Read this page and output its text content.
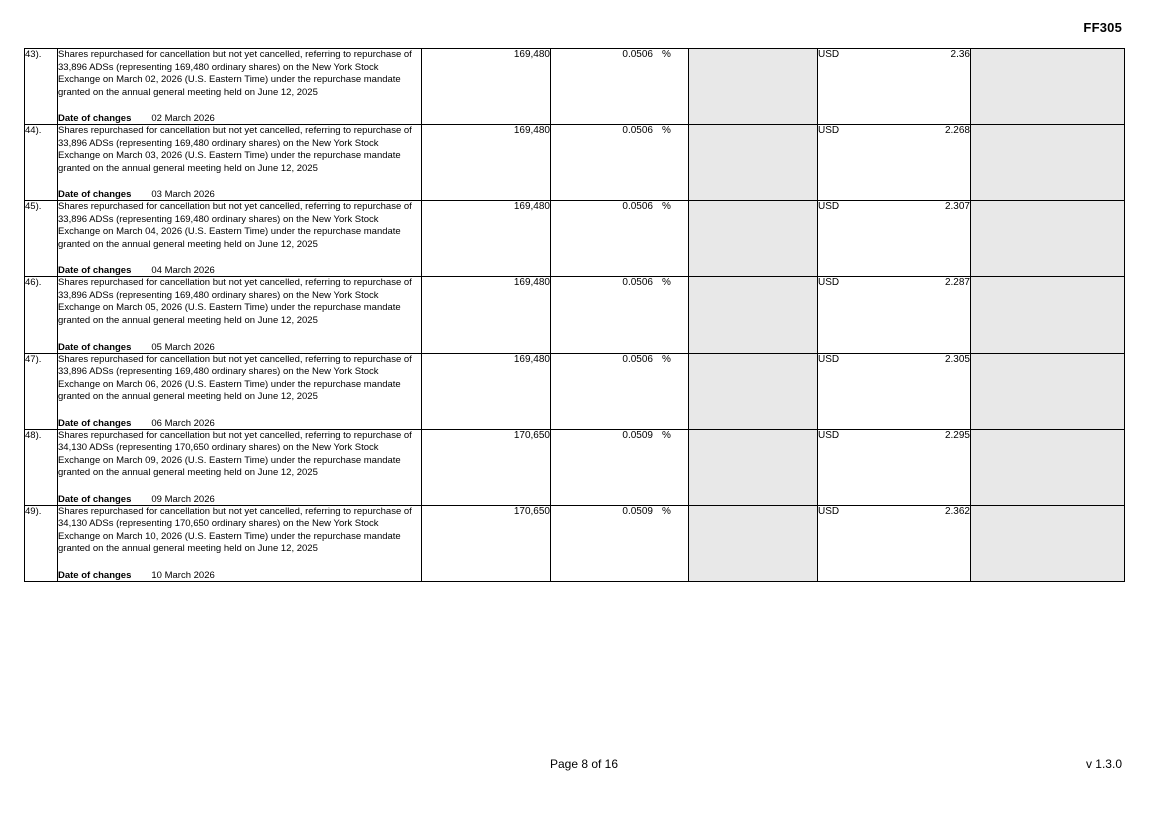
FF305
43).	Shares repurchased for cancellation but not yet cancelled, referring to repurchase of 33,896 ADSs (representing 169,480 ordinary shares) on the New York Stock Exchange on March 02, 2026 (U.S. Eastern Time) under the repurchase mandate granted on the annual general meeting held on June 12, 2025

Date of changes 02 March 2026
	169,480	0.0506 %		USD	2.36

44).	Shares repurchased for cancellation but not yet cancelled, referring to repurchase of 33,896 ADSs (representing 169,480 ordinary shares) on the New York Stock Exchange on March 03, 2026 (U.S. Eastern Time) under the repurchase mandate granted on the annual general meeting held on June 12, 2025

Date of changes 03 March 2026
	169,480	0.0506 %		USD	2.268

45).	Shares repurchased for cancellation but not yet cancelled, referring to repurchase of 33,896 ADSs (representing 169,480 ordinary shares) on the New York Stock Exchange on March 04, 2026 (U.S. Eastern Time) under the repurchase mandate granted on the annual general meeting held on June 12, 2025

Date of changes 04 March 2026
	169,480	0.0506 %		USD	2.307

46).	Shares repurchased for cancellation but not yet cancelled, referring to repurchase of 33,896 ADSs (representing 169,480 ordinary shares) on the New York Stock Exchange on March 05, 2026 (U.S. Eastern Time) under the repurchase mandate granted on the annual general meeting held on June 12, 2025

Date of changes 05 March 2026
	169,480	0.0506 %		USD	2.287

47).	Shares repurchased for cancellation but not yet cancelled, referring to repurchase of 33,896 ADSs (representing 169,480 ordinary shares) on the New York Stock Exchange on March 06, 2026 (U.S. Eastern Time) under the repurchase mandate granted on the annual general meeting held on June 12, 2025

Date of changes 06 March 2026
	169,480	0.0506 %		USD	2.305

48).	Shares repurchased for cancellation but not yet cancelled, referring to repurchase of 34,130 ADSs (representing 170,650 ordinary shares) on the New York Stock Exchange on March 09, 2026 (U.S. Eastern Time) under the repurchase mandate granted on the annual general meeting held on June 12, 2025

Date of changes 09 March 2026
	170,650	0.0509 %		USD	2.295

49).	Shares repurchased for cancellation but not yet cancelled, referring to repurchase of 34,130 ADSs (representing 170,650 ordinary shares) on the New York Stock Exchange on March 10, 2026 (U.S. Eastern Time) under the repurchase mandate granted on the annual general meeting held on June 12, 2025

Date of changes 10 March 2026
	170,650	0.0509 %		USD	2.362

Page 8 of 16	v 1.3.0
